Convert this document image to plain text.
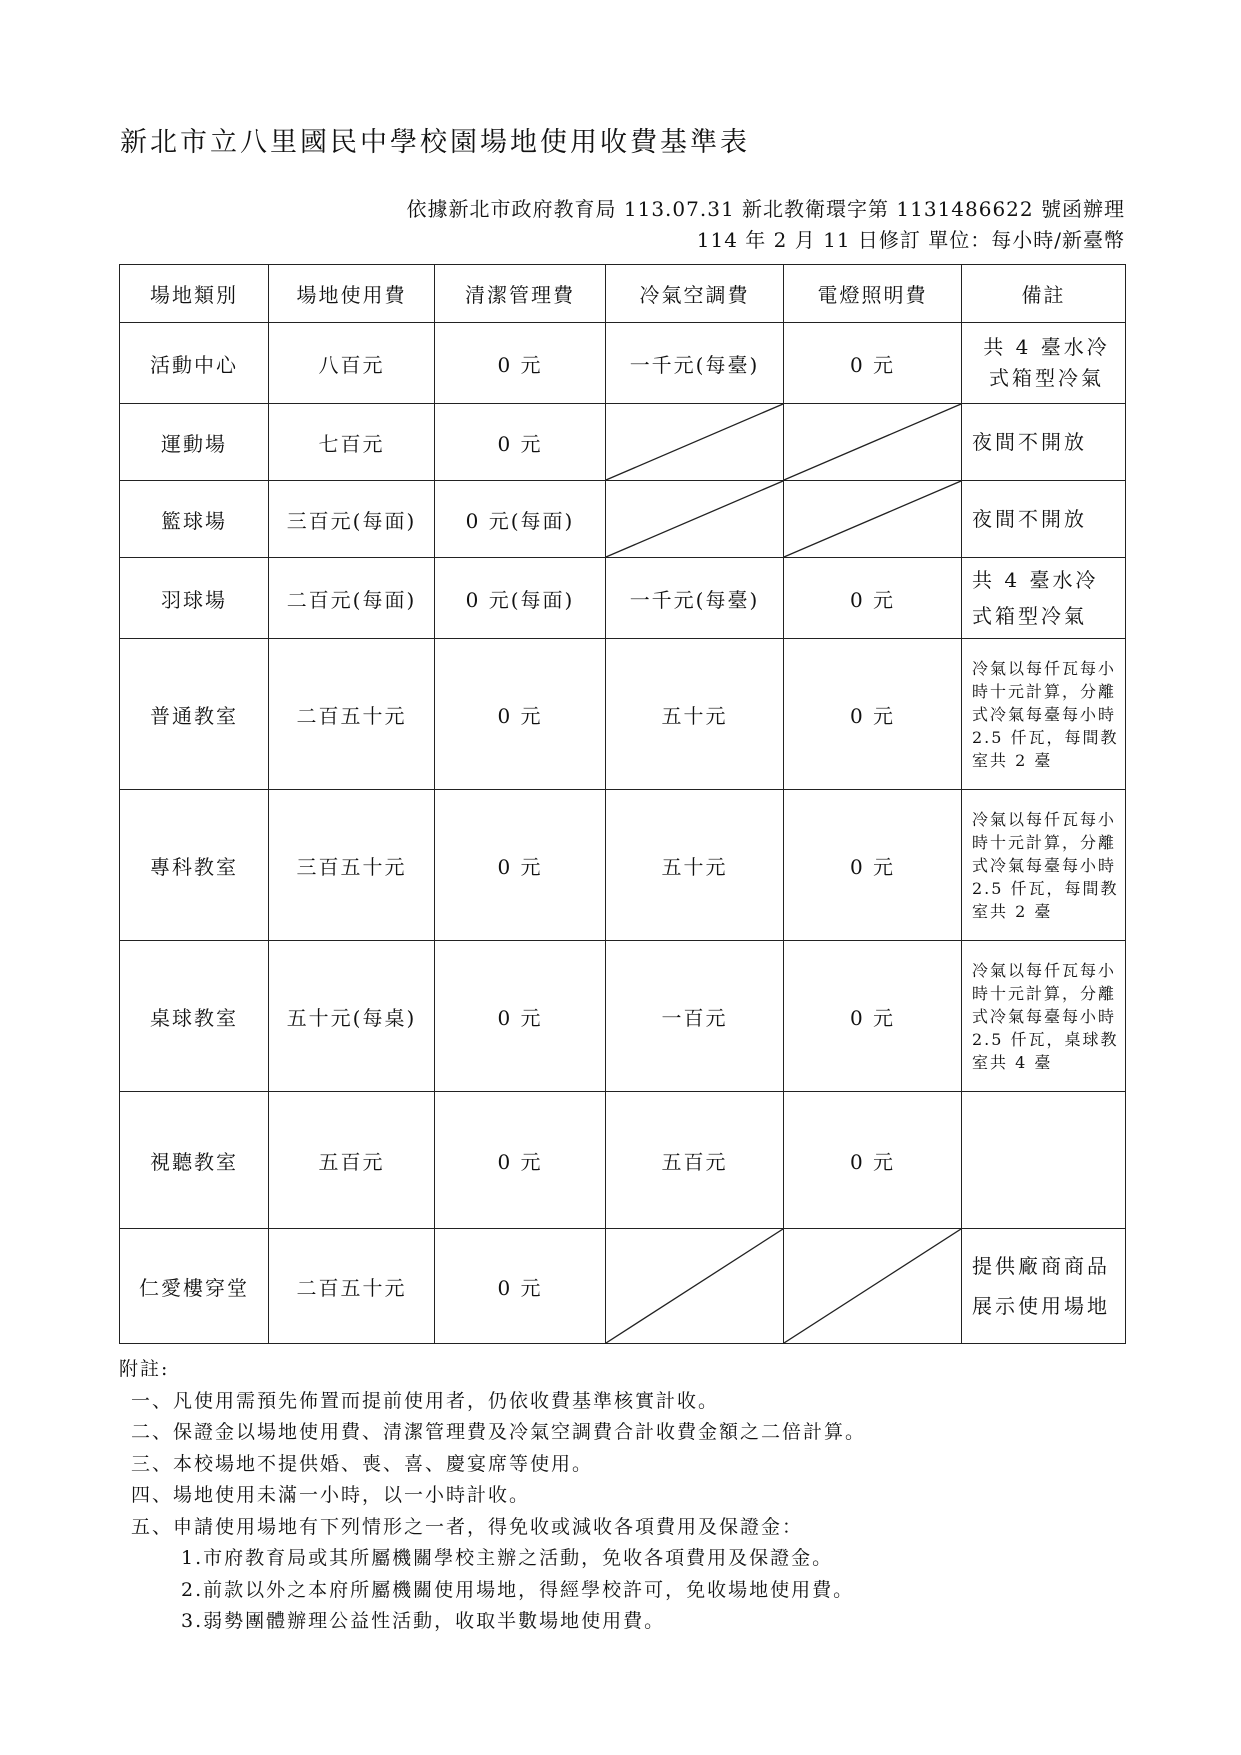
新北市立八里國民中學校園場地使用收費基準表
依據新北市政府教育局 113.07.31 新北教衛環字第 1131486622 號函辦理
114 年 2 月 11 日修訂 單位：每小時/新臺幣
場地類別	場地使用費	清潔管理費	冷氣空調費	電燈照明費	備註
活動中心	八百元	0 元	一千元(每臺)	0 元	共 4 臺水冷式箱型冷氣
運動場	七百元	0 元			夜間不開放
籃球場	三百元(每面)	0 元(每面)			夜間不開放
羽球場	二百元(每面)	0 元(每面)	一千元(每臺)	0 元	共 4 臺水冷式箱型冷氣
普通教室	二百五十元	0 元	五十元	0 元	冷氣以每仟瓦每小時十元計算，分離式冷氣每臺每小時 2.5 仟瓦，每間教室共 2 臺
專科教室	三百五十元	0 元	五十元	0 元	冷氣以每仟瓦每小時十元計算，分離式冷氣每臺每小時 2.5 仟瓦，每間教室共 2 臺
桌球教室	五十元(每桌)	0 元	一百元	0 元	冷氣以每仟瓦每小時十元計算，分離式冷氣每臺每小時 2.5 仟瓦，桌球教室共 4 臺
視聽教室	五百元	0 元	五百元	0 元	
仁愛樓穿堂	二百五十元	0 元			提供廠商商品展示使用場地
附註:
一、凡使用需預先佈置而提前使用者，仍依收費基準核實計收。
二、保證金以場地使用費、清潔管理費及冷氣空調費合計收費金額之二倍計算。
三、本校場地不提供婚、喪、喜、慶宴席等使用。
四、場地使用未滿一小時，以一小時計收。
五、申請使用場地有下列情形之一者，得免收或減收各項費用及保證金：
1.市府教育局或其所屬機關學校主辦之活動，免收各項費用及保證金。
2.前款以外之本府所屬機關使用場地，得經學校許可，免收場地使用費。
3.弱勢團體辦理公益性活動，收取半數場地使用費。
